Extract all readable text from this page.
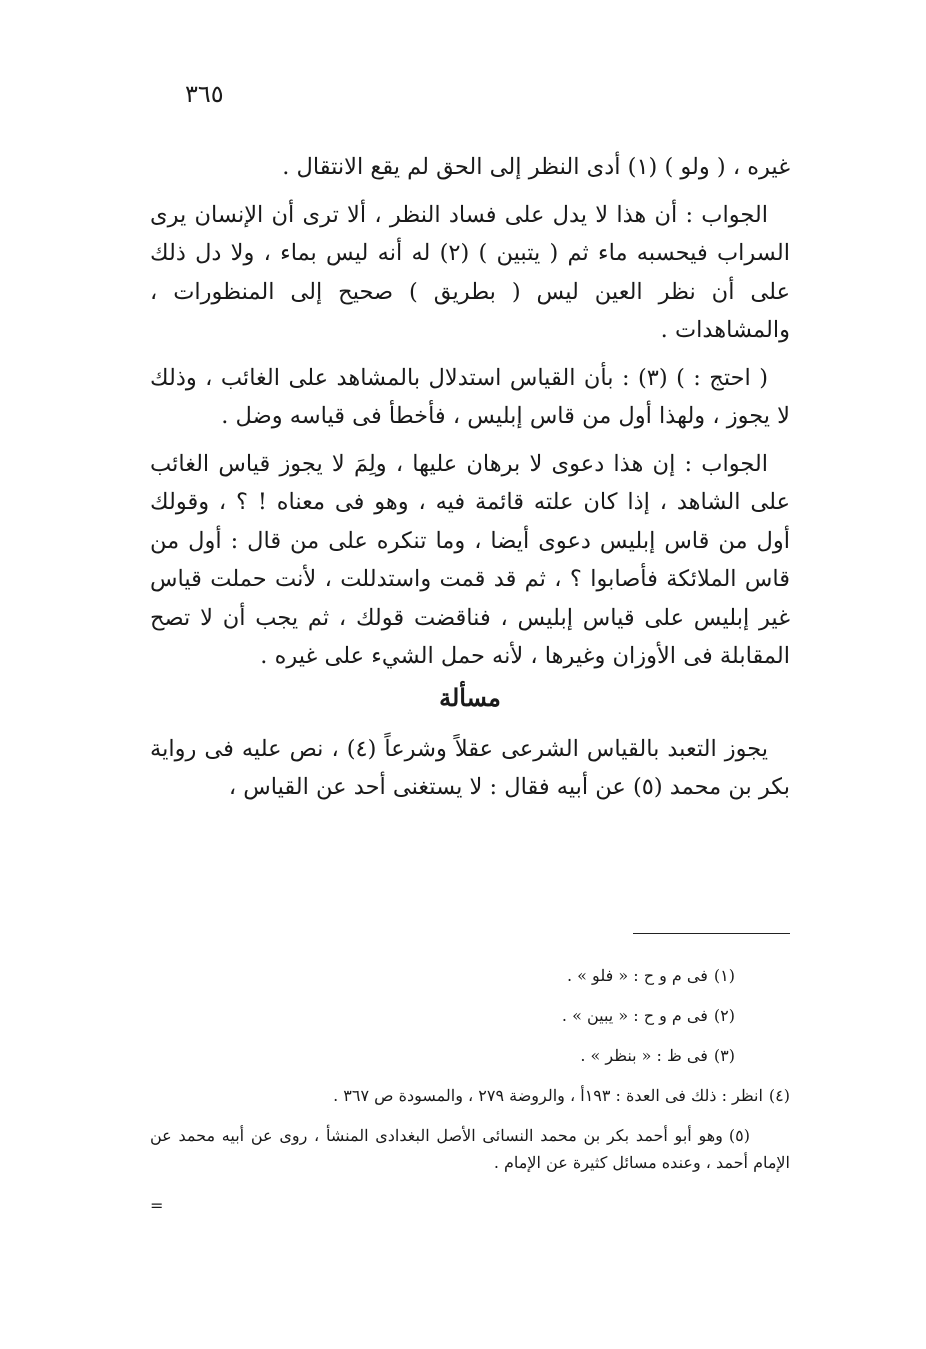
٣٦٥

غيره ، ( ولو ) (١) أدى النظر إلى الحق لم يقع الانتقال .

الجواب : أن هذا لا يدل على فساد النظر ، ألا ترى أن الإنسان يرى السراب فيحسبه ماء ثم ( يتبين ) (٢) له أنه ليس بماء ، ولا دل ذلك على أن نظر العين ليس ( بطريق ) صحيح إلى المنظورات ، والمشاهدات .

( احتج : ) (٣) : بأن القياس استدلال بالمشاهد على الغائب ، وذلك لا يجوز ، ولهذا أول من قاس إبليس ، فأخطأ فى قياسه وضل .

الجواب : إن هذا دعوى لا برهان عليها ، ولِمَ لا يجوز قياس الغائب على الشاهد ، إذا كان علته قائمة فيه ، وهو فى معناه ! ؟ ، وقولك أول من قاس إبليس دعوى أيضا ، وما تنكره على من قال : أول من قاس الملائكة فأصابوا ؟ ، ثم قد قمت واستدللت ، لأنت حملت قياس غير إبليس على قياس إبليس ، فناقضت قولك ، ثم يجب أن لا تصح المقابلة فى الأوزان وغيرها ، لأنه حمل الشيء على غيره .

مسألة

يجوز التعبد بالقياس الشرعى عقلاً وشرعاً (٤) ، نص عليه فى رواية بكر بن محمد (٥) عن أبيه فقال : لا يستغنى أحد عن القياس ،

(١)فى م و ح : « فلو » .
(٢)فى م و ح : « يبين » .
(٣)فى ظ : « بنظر » .
(٤)انظر : ذلك فى العدة : ١٩٣أ ، والروضة ٢٧٩ ، والمسودة ص ٣٦٧ .
(٥)وهو أبو أحمد بكر بن محمد النسائى الأصل البغدادى المنشأ ، روى عن أبيه محمد عن الإمام أحمد ، وعنده مسائل كثيرة عن الإمام .
=
